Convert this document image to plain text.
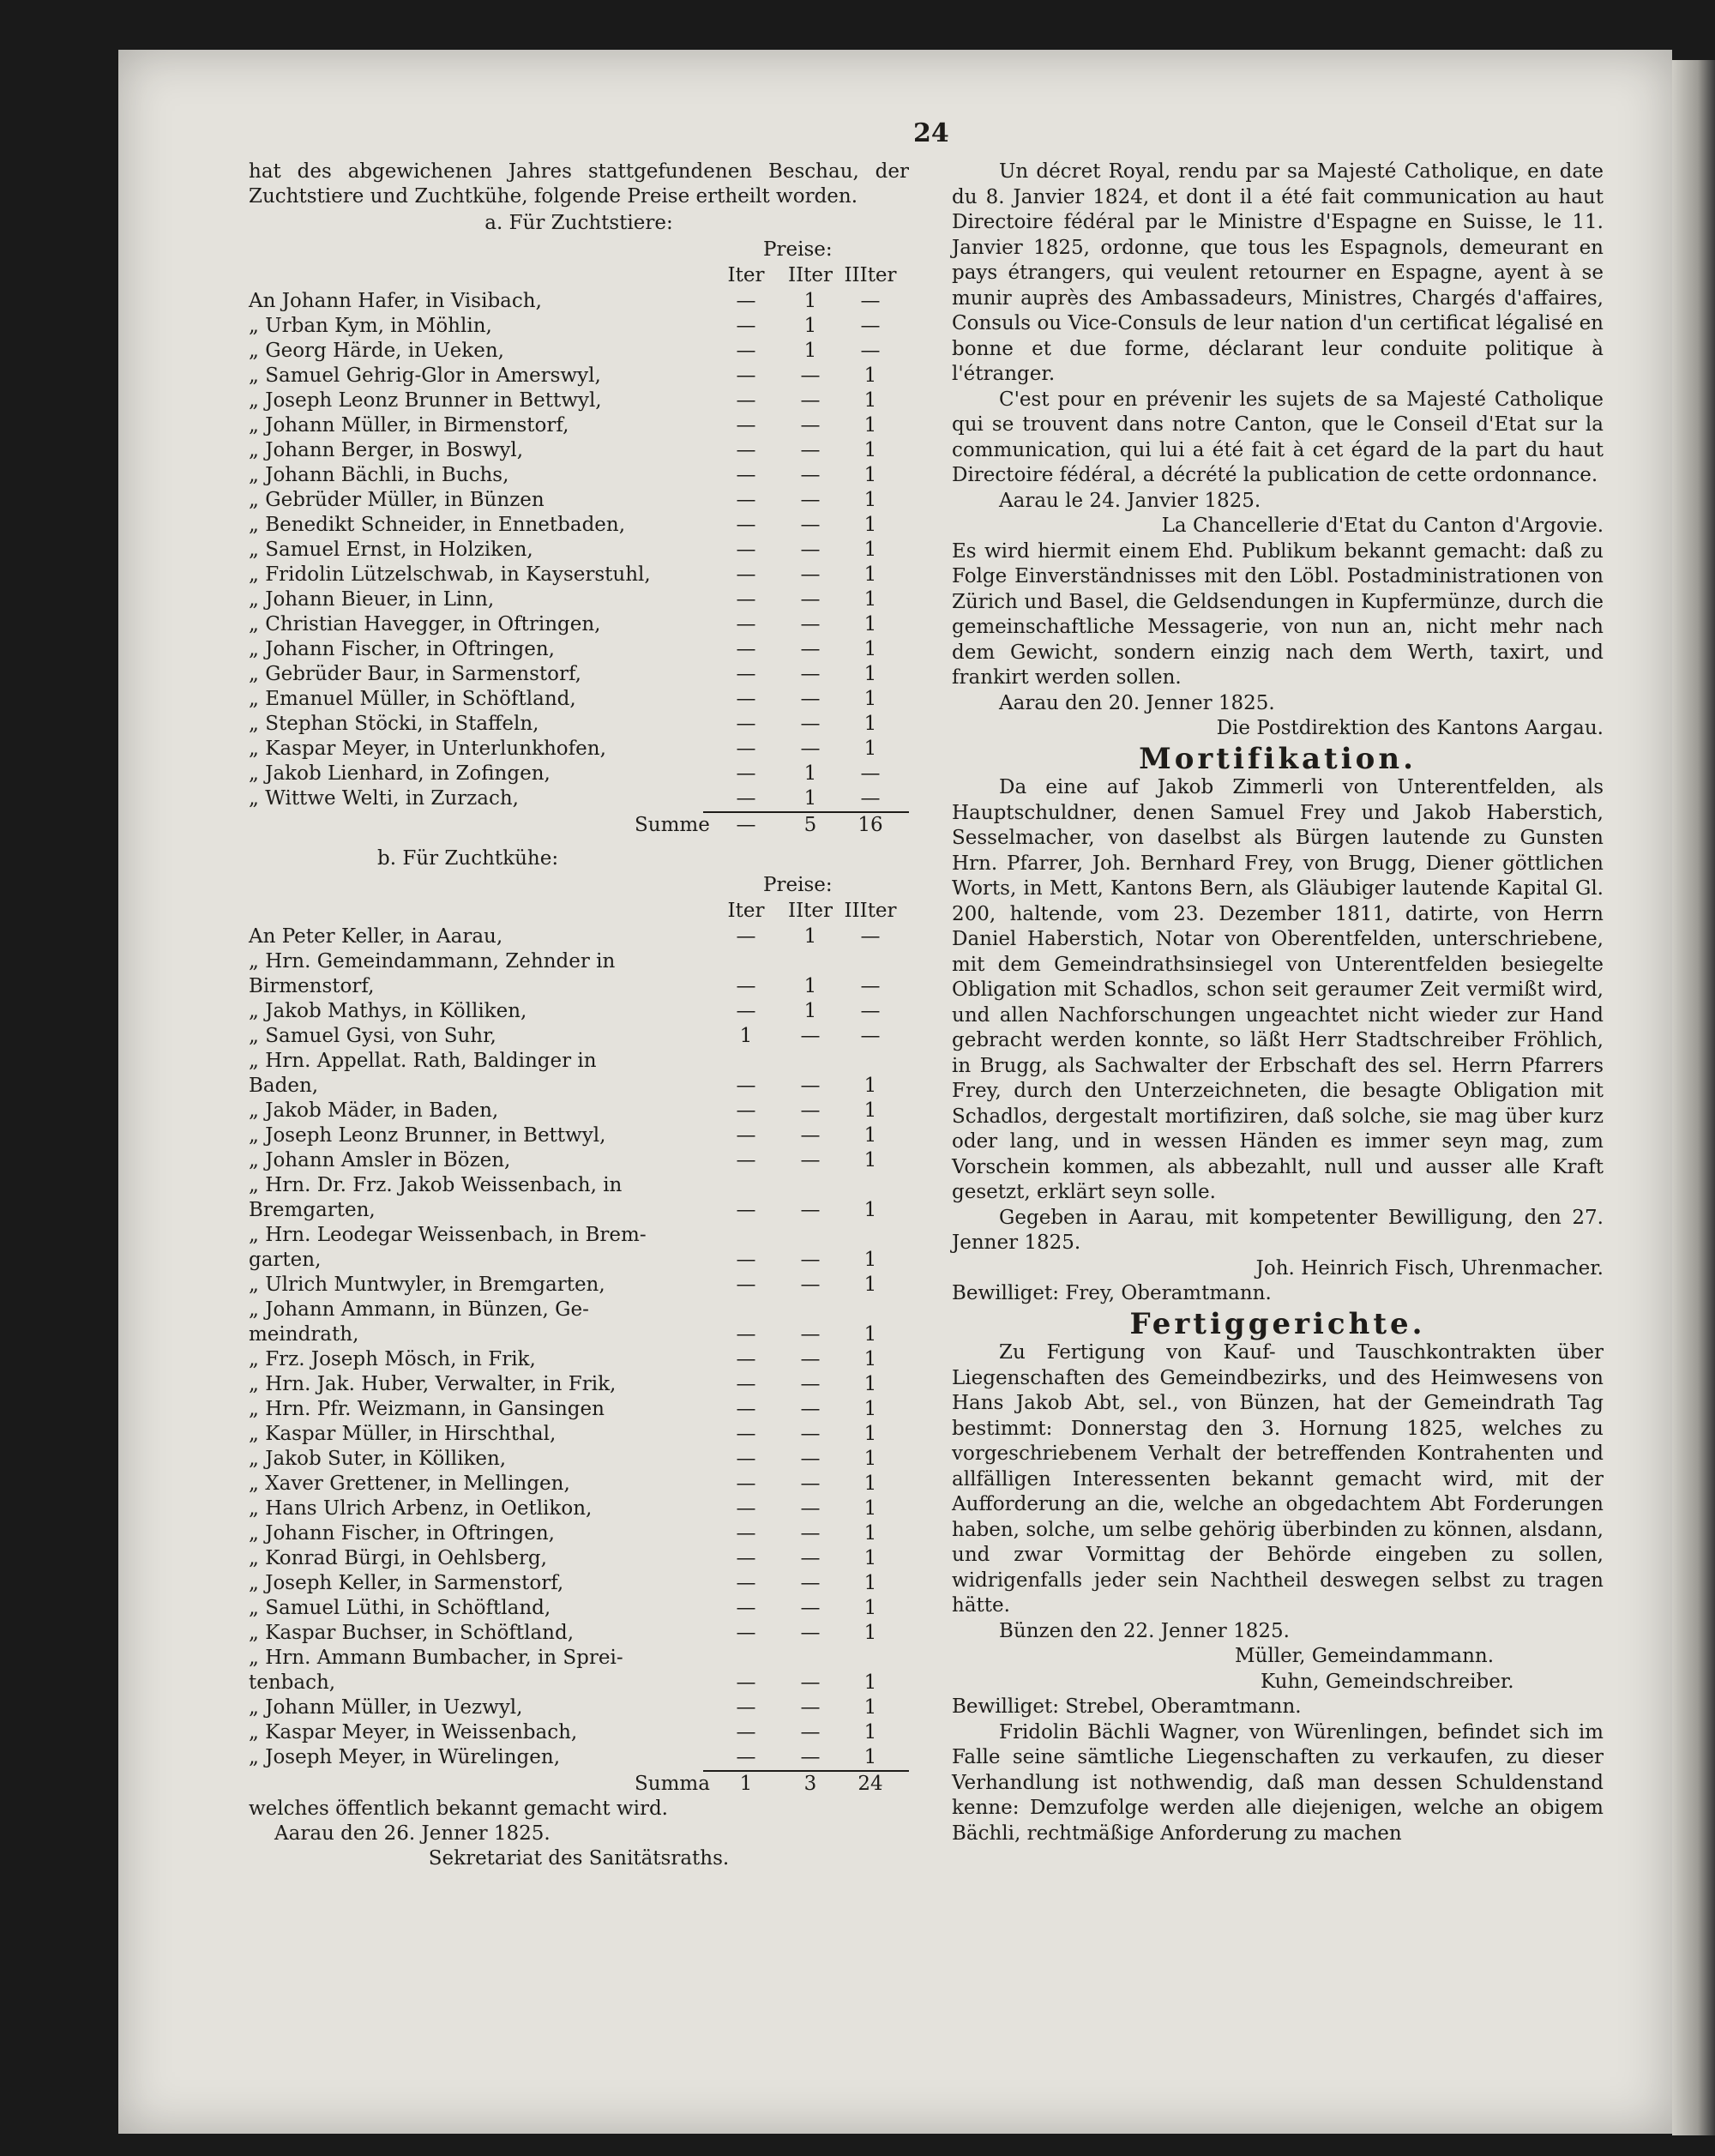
24

hat des abgewichenen Jahres stattgefundenen Beschau, der Zuchtstiere und Zuchtkühe, folgende Preise ertheilt worden.

a. Für Zuchtstiere:
Preise:
Iter	IIter IIIter
An Johann Hafer, in Visibach,	—	1	—
„ Urban Kym, in Möhlin,	—	1	—
„ Georg Härde, in Ueken,	—	1	—
„ Samuel Gehrig-Glor in Amerswyl,	—	—	1
„ Joseph Leonz Brunner in Bettwyl,	—	—	1
„ Johann Müller, in Birmenstorf,	—	—	1
„ Johann Berger, in Boswyl,	—	—	1
„ Johann Bächli, in Buchs,	—	—	1
„ Gebrüder Müller, in Bünzen	—	—	1
„ Benedikt Schneider, in Ennetbaden,	—	—	1
„ Samuel Ernst, in Holziken,	—	—	1
„ Fridolin Lützelschwab, in Kayserstuhl,	—	—	1
„ Johann Bieuer, in Linn,	—	—	1
„ Christian Havegger, in Oftringen,	—	—	1
„ Johann Fischer, in Oftringen,	—	—	1
„ Gebrüder Baur, in Sarmenstorf,	—	—	1
„ Emanuel Müller, in Schöftland,	—	—	1
„ Stephan Stöcki, in Staffeln,	—	—	1
„ Kaspar Meyer, in Unterlunkhofen,	—	—	1
„ Jakob Lienhard, in Zofingen,	—	1	—
„ Wittwe Welti, in Zurzach,	—	1	—
Summe	—	5	16
b. Für Zuchtkühe:
Preise:
Iter	IIter IIIter
An Peter Keller, in Aarau,	—	1	—
„ Hrn. Gemeindammann, Zehnder in
Birmenstorf,	—	1	—
„ Jakob Mathys, in Kölliken,	—	1	—
„ Samuel Gysi, von Suhr,	1	—	—
„ Hrn. Appellat. Rath, Baldinger in
Baden,	—	—	1
„ Jakob Mäder, in Baden,	—	—	1
„ Joseph Leonz Brunner, in Bettwyl,	—	—	1
„ Johann Amsler in Bözen,	—	—	1
„ Hrn. Dr. Frz. Jakob Weissenbach, in
Bremgarten,	—	—	1
„ Hrn. Leodegar Weissenbach, in Brem-
garten,	—	—	1
„ Ulrich Muntwyler, in Bremgarten,	—	—	1
„ Johann Ammann, in Bünzen, Ge-
meindrath,	—	—	1
„ Frz. Joseph Mösch, in Frik,	—	—	1
„ Hrn. Jak. Huber, Verwalter, in Frik,	—	—	1
„ Hrn. Pfr. Weizmann, in Gansingen	—	—	1
„ Kaspar Müller, in Hirschthal,	—	—	1
„ Jakob Suter, in Kölliken,	—	—	1
„ Xaver Grettener, in Mellingen,	—	—	1
„ Hans Ulrich Arbenz, in Oetlikon,	—	—	1
„ Johann Fischer, in Oftringen,	—	—	1
„ Konrad Bürgi, in Oehlsberg,	—	—	1
„ Joseph Keller, in Sarmenstorf,	—	—	1
„ Samuel Lüthi, in Schöftland,	—	—	1
„ Kaspar Buchser, in Schöftland,	—	—	1
„ Hrn. Ammann Bumbacher, in Sprei-
tenbach,	—	—	1
„ Johann Müller, in Uezwyl,	—	—	1
„ Kaspar Meyer, in Weissenbach,	—	—	1
„ Joseph Meyer, in Würelingen,	—	—	1
Summa	1	3	24

welches öffentlich bekannt gemacht wird.

Aarau den 26. Jenner 1825.

Sekretariat des Sanitätsraths.

Un décret Royal, rendu par sa Majesté Catholique, en date du 8. Janvier 1824, et dont il a été fait communication au haut Directoire fédéral par le Ministre d'Espagne en Suisse, le 11. Janvier 1825, ordonne, que tous les Espagnols, demeurant en pays étrangers, qui veulent retourner en Espagne, ayent à se munir auprès des Ambassadeurs, Ministres, Chargés d'affaires, Consuls ou Vice-Consuls de leur nation d'un certificat légalisé en bonne et due forme, déclarant leur conduite politique à l'étranger.

C'est pour en prévenir les sujets de sa Majesté Catholique qui se trouvent dans notre Canton, que le Conseil d'Etat sur la communication, qui lui a été fait à cet égard de la part du haut Directoire fédéral, a décrété la publication de cette ordonnance.

Aarau le 24. Janvier 1825.

La Chancellerie d'Etat du Canton d'Argovie.

Es wird hiermit einem Ehd. Publikum bekannt gemacht: daß zu Folge Einverständnisses mit den Löbl. Postadministrationen von Zürich und Basel, die Geldsendungen in Kupfermünze, durch die gemeinschaftliche Messagerie, von nun an, nicht mehr nach dem Gewicht, sondern einzig nach dem Werth, taxirt, und frankirt werden sollen.

Aarau den 20. Jenner 1825.

Die Postdirektion des Kantons Aargau.

Mortifikation.

Da eine auf Jakob Zimmerli von Unterentfelden, als Hauptschuldner, denen Samuel Frey und Jakob Haberstich, Sesselmacher, von daselbst als Bürgen lautende zu Gunsten Hrn. Pfarrer, Joh. Bernhard Frey, von Brugg, Diener göttlichen Worts, in Mett, Kantons Bern, als Gläubiger lautende Kapital Gl. 200, haltende, vom 23. Dezember 1811, datirte, von Herrn Daniel Haberstich, Notar von Oberentfelden, unterschriebene, mit dem Gemeindrathsinsiegel von Unterentfelden besiegelte Obligation mit Schadlos, schon seit geraumer Zeit vermißt wird, und allen Nachforschungen ungeachtet nicht wieder zur Hand gebracht werden konnte, so läßt Herr Stadtschreiber Fröhlich, in Brugg, als Sachwalter der Erbschaft des sel. Herrn Pfarrers Frey, durch den Unterzeichneten, die besagte Obligation mit Schadlos, dergestalt mortifiziren, daß solche, sie mag über kurz oder lang, und in wessen Händen es immer seyn mag, zum Vorschein kommen, als abbezahlt, null und ausser alle Kraft gesetzt, erklärt seyn solle.

Gegeben in Aarau, mit kompetenter Bewilligung, den 27. Jenner 1825.

Joh. Heinrich Fisch, Uhrenmacher.

Bewilliget: Frey, Oberamtmann.

Fertiggerichte.

Zu Fertigung von Kauf- und Tauschkontrakten über Liegenschaften des Gemeindbezirks, und des Heimwesens von Hans Jakob Abt, sel., von Bünzen, hat der Gemeindrath Tag bestimmt: Donnerstag den 3. Hornung 1825, welches zu vorgeschriebenem Verhalt der betreffenden Kontrahenten und allfälligen Interessenten bekannt gemacht wird, mit der Aufforderung an die, welche an obgedachtem Abt Forderungen haben, solche, um selbe gehörig überbinden zu können, alsdann, und zwar Vormittag der Behörde eingeben zu sollen, widrigenfalls jeder sein Nachtheil deswegen selbst zu tragen hätte.

Bünzen den 22. Jenner 1825.

Müller, Gemeindammann.

Kuhn, Gemeindschreiber.

Bewilliget: Strebel, Oberamtmann.

Fridolin Bächli Wagner, von Würenlingen, befindet sich im Falle seine sämtliche Liegenschaften zu verkaufen, zu dieser Verhandlung ist nothwendig, daß man dessen Schuldenstand kenne: Demzufolge werden alle diejenigen, welche an obigem Bächli, rechtmäßige Anforderung zu machen
